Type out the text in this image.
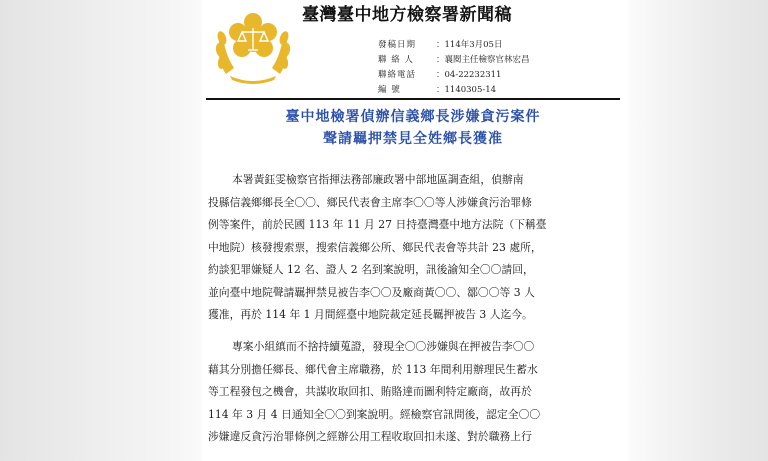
臺灣臺中地方檢察署新聞稿
發稿日期	： 114年3月05日
聯 絡 人	： 襄閱主任檢察官林宏昌
聯絡電話	： 04-22232311
編 號	： 1140305-14
臺中地檢署偵辦信義鄉長涉嫌貪污案件
聲請羈押禁見全姓鄉長獲准
本署黃鈺雯檢察官指揮法務部廉政署中部地區調查組，偵辦南
投縣信義鄉鄉長全〇〇、鄉民代表會主席李〇〇等人涉嫌貪污治罪條
例等案件，前於民國 113 年 11 月 27 日持臺灣臺中地方法院（下稱臺
中地院）核發搜索票，搜索信義鄉公所、鄉民代表會等共計 23 處所，
約談犯罪嫌疑人 12 名、證人 2 名到案說明，訊後諭知全〇〇請回，
並向臺中地院聲請羈押禁見被告李〇〇及廠商黃〇〇、鄒〇〇等 3 人
獲准，再於 114 年 1 月間經臺中地院裁定延長羈押被告 3 人迄今。
專案小組縝而不捨持續蒐證，發現全〇〇涉嫌與在押被告李〇〇
藉其分別擔任鄉長、鄉代會主席職務，於 113 年間利用辦理民生蓄水
等工程發包之機會，共謀收取回扣、賄賂達而圖利特定廠商，故再於
114 年 3 月 4 日通知全〇〇到案說明。經檢察官訊問後，認定全〇〇
涉嫌違反貪污治罪條例之經辦公用工程收取回扣未遂、對於職務上行
